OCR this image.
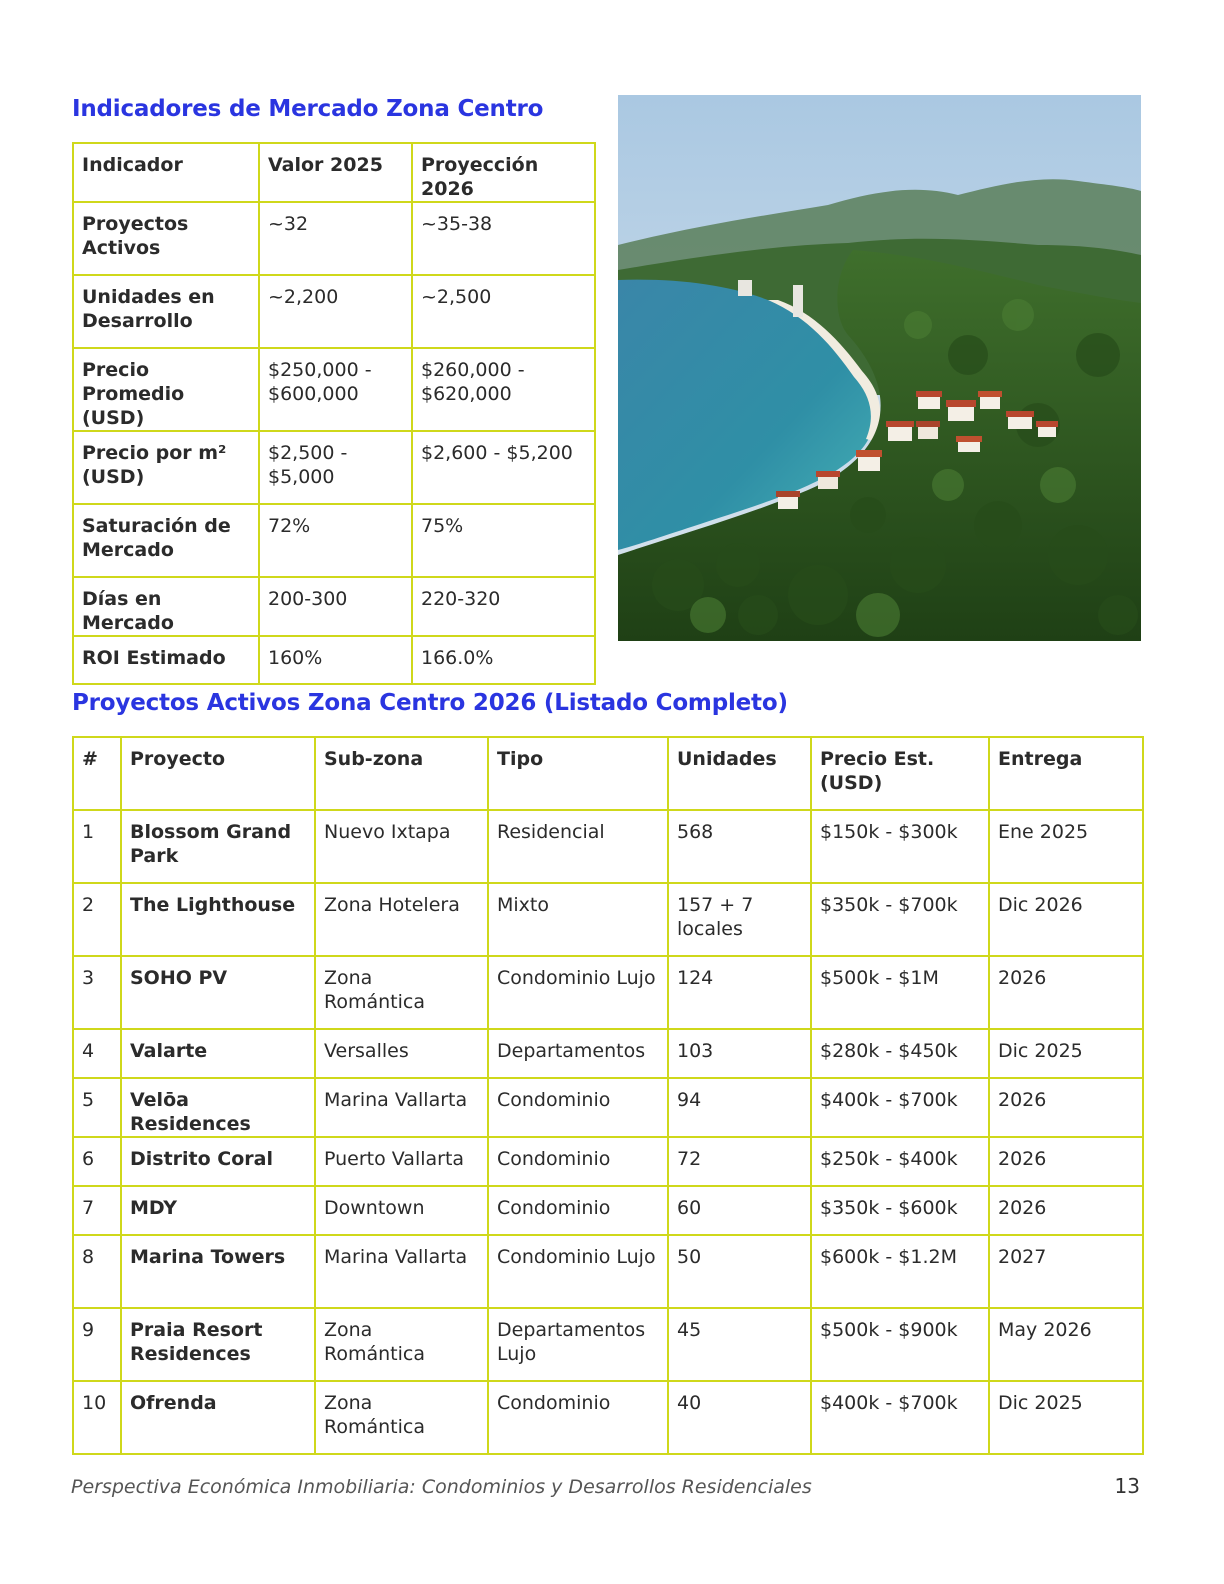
Indicadores de Mercado Zona Centro
Indicador	Valor 2025	Proyección 2026
Proyectos Activos	~32	~35-38
Unidades en Desarrollo	~2,200	~2,500
Precio Promedio (USD)	$250,000 - $600,000	$260,000 - $620,000
Precio por m² (USD)	$2,500 - $5,000	$2,600 - $5,200
Saturación de Mercado	72%	75%
Días en Mercado	200-300	220-320
ROI Estimado	160%	166.0%
Proyectos Activos Zona Centro 2026 (Listado Completo)
#	Proyecto	Sub-zona	Tipo	Unidades	Precio Est. (USD)	Entrega
1	Blossom Grand Park	Nuevo Ixtapa	Residencial	568	$150k - $300k	Ene 2025
2	The Lighthouse	Zona Hotelera	Mixto	157 + 7 locales	$350k - $700k	Dic 2026
3	SOHO PV	Zona Romántica	Condominio Lujo	124	$500k - $1M	2026
4	Valarte	Versalles	Departamentos	103	$280k - $450k	Dic 2025
5	Velōa Residences	Marina Vallarta	Condominio	94	$400k - $700k	2026
6	Distrito Coral	Puerto Vallarta	Condominio	72	$250k - $400k	2026
7	MDY	Downtown	Condominio	60	$350k - $600k	2026
8	Marina Towers	Marina Vallarta	Condominio Lujo	50	$600k - $1.2M	2027
9	Praia Resort Residences	Zona Romántica	Departamentos Lujo	45	$500k - $900k	May 2026
10	Ofrenda	Zona Romántica	Condominio	40	$400k - $700k	Dic 2025
Perspectiva Económica Inmobiliaria: Condominios y Desarrollos Residenciales	13
